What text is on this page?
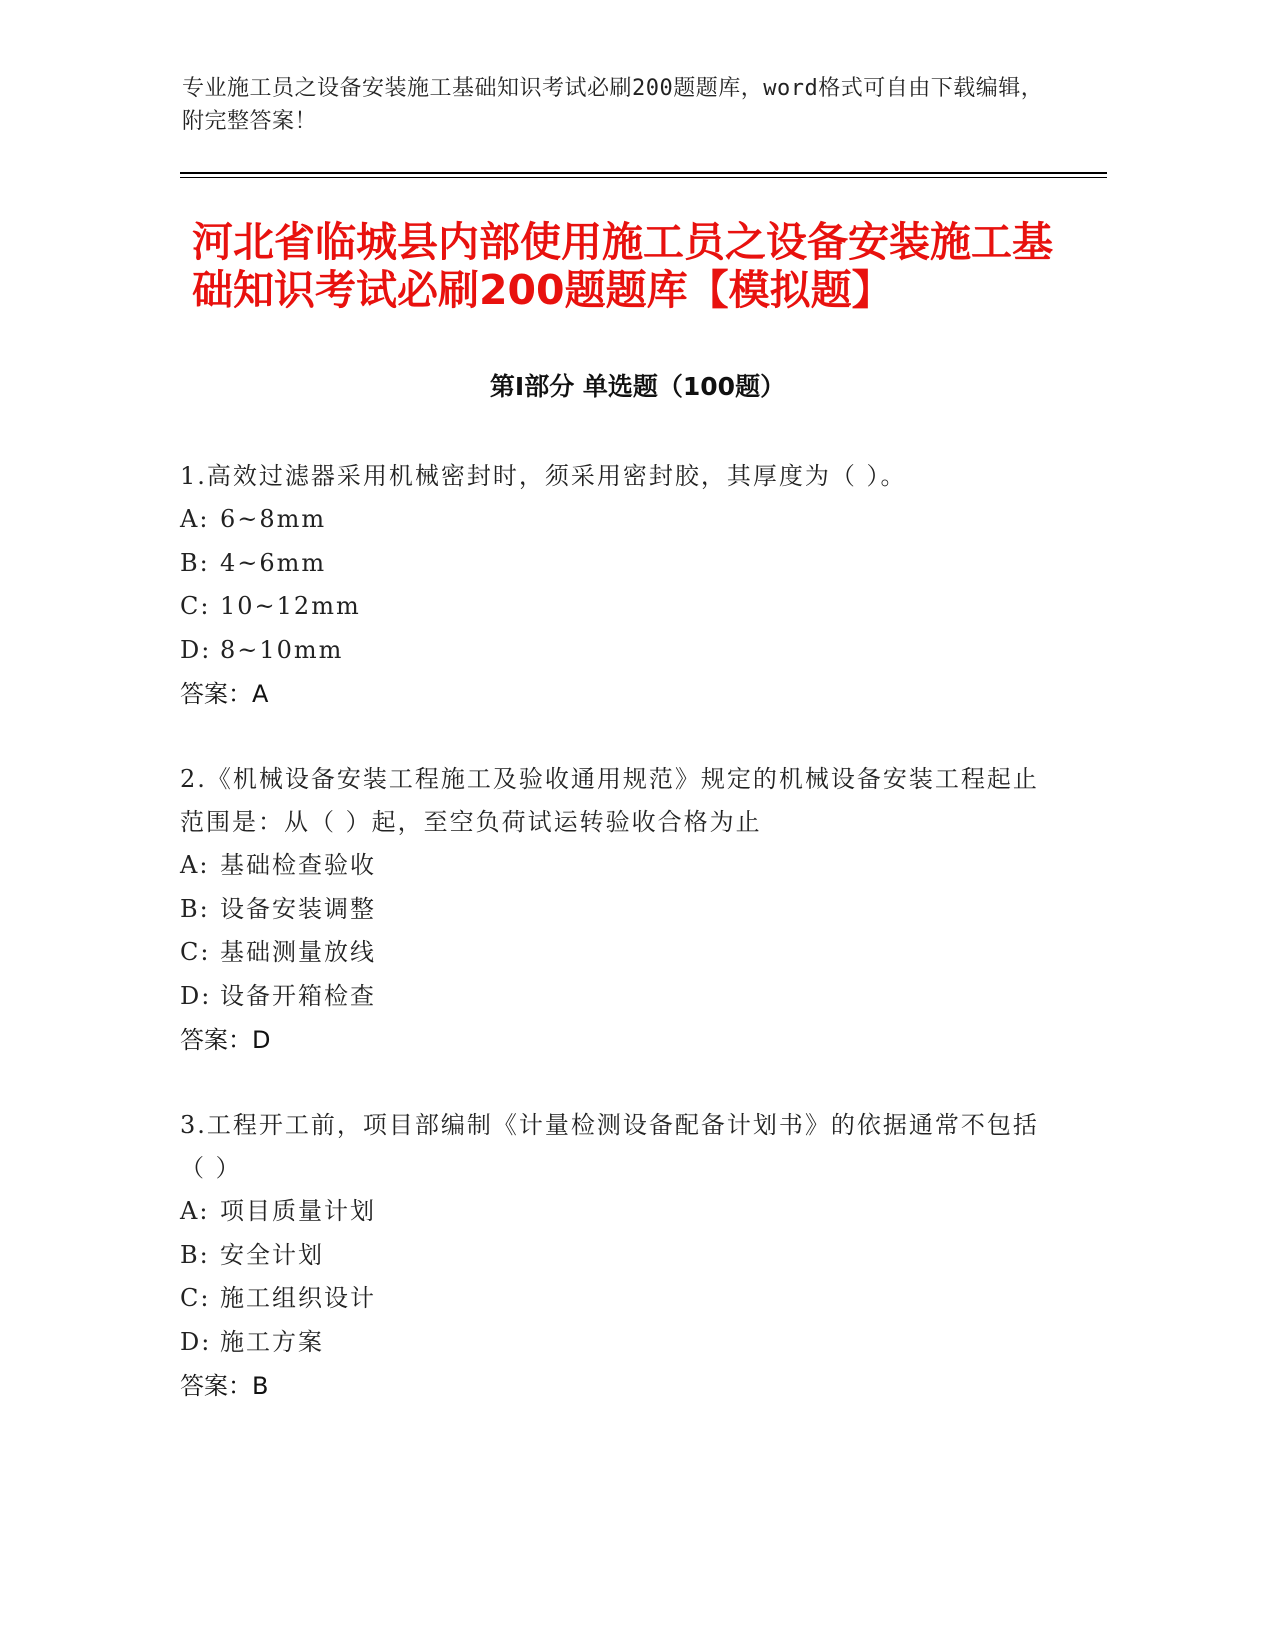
专业施工员之设备安装施工基础知识考试必刷200题题库，word格式可自由下载编辑，附完整答案！
河北省临城县内部使用施工员之设备安装施工基础知识考试必刷200题题库【模拟题】
第Ⅰ部分 单选题（100题）
1.高效过滤器采用机械密封时，须采用密封胶，其厚度为（ ）。
A: 6~8mm
B: 4~6mm
C: 10~12mm
D: 8~10mm
答案：A
2.《机械设备安装工程施工及验收通用规范》规定的机械设备安装工程起止范围是：从（ ）起，至空负荷试运转验收合格为止
A: 基础检查验收
B: 设备安装调整
C: 基础测量放线
D: 设备开箱检查
答案：D
3.工程开工前，项目部编制《计量检测设备配备计划书》的依据通常不包括（ ）
A: 项目质量计划
B: 安全计划
C: 施工组织设计
D: 施工方案
答案：B
